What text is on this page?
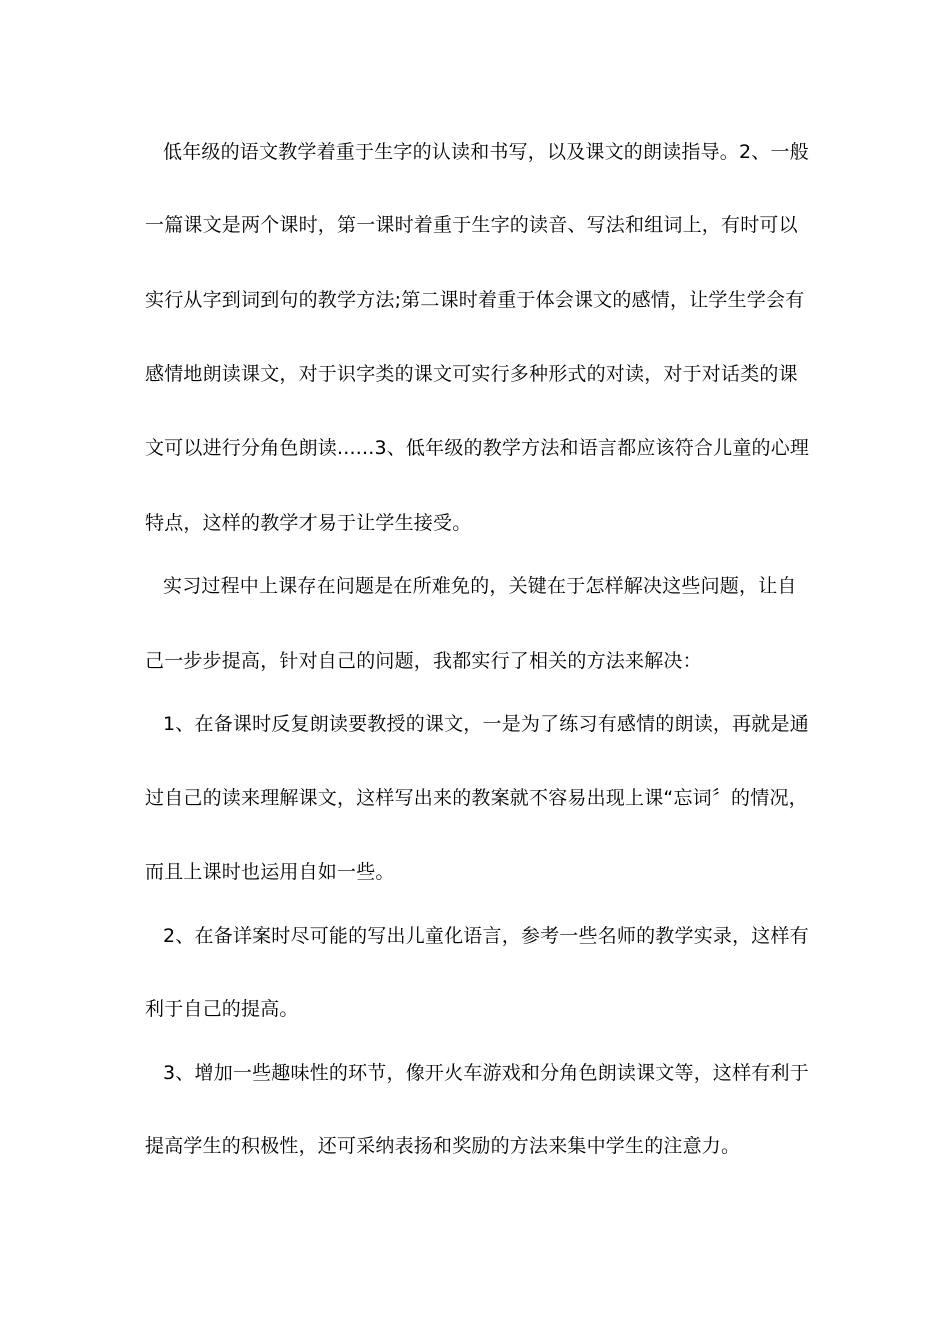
低年级的语文教学着重于生字的认读和书写，以及课文的朗读指导。2、一般
一篇课文是两个课时，第一课时着重于生字的读音、写法和组词上，有时可以
实行从字到词到句的教学方法;第二课时着重于体会课文的感情，让学生学会有
感情地朗读课文，对于识字类的课文可实行多种形式的对读，对于对话类的课
文可以进行分角色朗读......3、低年级的教学方法和语言都应该符合儿童的心理
特点，这样的教学才易于让学生接受。
实习过程中上课存在问题是在所难免的，关键在于怎样解决这些问题，让自
己一步步提高，针对自己的问题，我都实行了相关的方法来解决：
1、在备课时反复朗读要教授的课文，一是为了练习有感情的朗读，再就是通
过自己的读来理解课文，这样写出来的教案就不容易出现上课“忘词〞的情况，
而且上课时也运用自如一些。
2、在备详案时尽可能的写出儿童化语言，参考一些名师的教学实录，这样有
利于自己的提高。
3、增加一些趣味性的环节，像开火车游戏和分角色朗读课文等，这样有利于
提高学生的积极性，还可采纳表扬和奖励的方法来集中学生的注意力。
